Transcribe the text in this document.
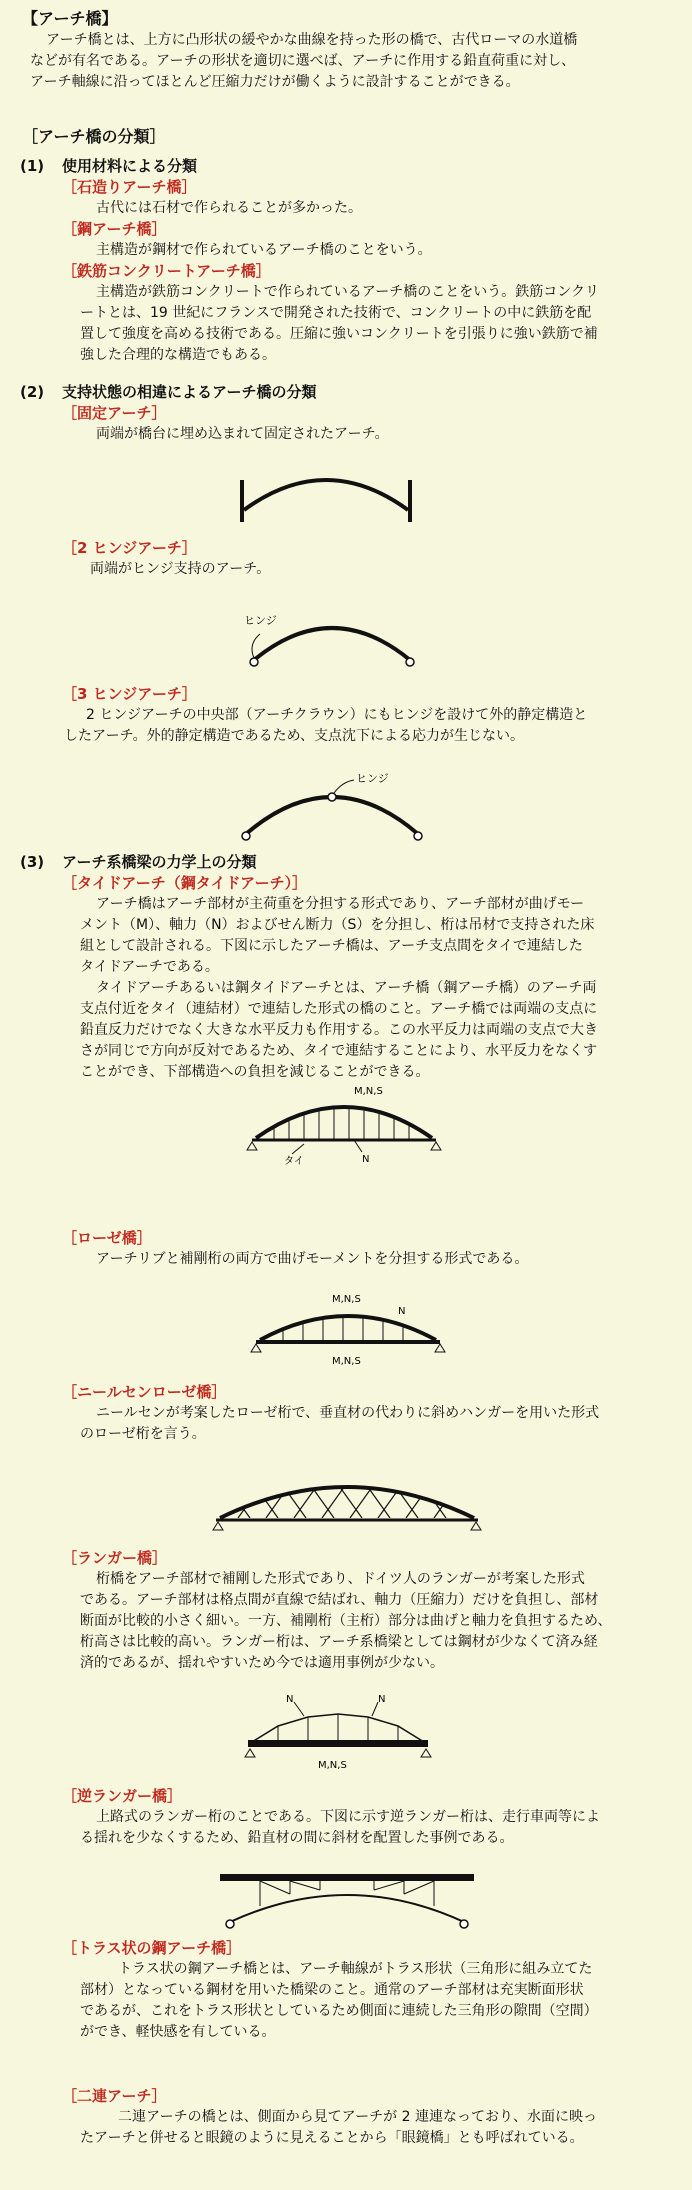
【アーチ橋】

アーチ橋とは、上方に凸形状の緩やかな曲線を持った形の橋で、古代ローマの水道橋

などが有名である。アーチの形状を適切に選べば、アーチに作用する鉛直荷重に対し、

アーチ軸線に沿ってほとんど圧縮力だけが働くように設計することができる。

［アーチ橋の分類］
(1) 使用材料による分類
［石造りアーチ橋］

古代には石材で作られることが多かった。

［鋼アーチ橋］

主構造が鋼材で作られているアーチ橋のことをいう。

［鉄筋コンクリートアーチ橋］

主構造が鉄筋コンクリートで作られているアーチ橋のことをいう。鉄筋コンクリ

ートとは、19 世紀にフランスで開発された技術で、コンクリートの中に鉄筋を配

置して強度を高める技術である。圧縮に強いコンクリートを引張りに強い鉄筋で補

強した合理的な構造でもある。

(2) 支持状態の相違によるアーチ橋の分類
［固定アーチ］

両端が橋台に埋め込まれて固定されたアーチ。

［2 ヒンジアーチ］

両端がヒンジ支持のアーチ。

ヒンジ
［3 ヒンジアーチ］

2 ヒンジアーチの中央部（アーチクラウン）にもヒンジを設けて外的静定構造と

したアーチ。外的静定構造であるため、支点沈下による応力が生じない。

ヒンジ
(3) アーチ系橋梁の力学上の分類
［タイドアーチ（鋼タイドアーチ）］

アーチ橋はアーチ部材が主荷重を分担する形式であり、アーチ部材が曲げモー

メント（M）、軸力（N）およびせん断力（S）を分担し、桁は吊材で支持された床

組として設計される。下図に示したアーチ橋は、アーチ支点間をタイで連結した

タイドアーチである。

タイドアーチあるいは鋼タイドアーチとは、アーチ橋（鋼アーチ橋）のアーチ両

支点付近をタイ（連結材）で連結した形式の橋のこと。アーチ橋では両端の支点に

鉛直反力だけでなく大きな水平反力も作用する。この水平反力は両端の支点で大き

さが同じで方向が反対であるため、タイで連結することにより、水平反力をなくす

ことができ、下部構造への負担を減じることができる。

M,N,S
タイ	N
［ローゼ橋］

アーチリブと補剛桁の両方で曲げモーメントを分担する形式である。

M,N,S
N
M,N,S
［ニールセンローゼ橋］

ニールセンが考案したローゼ桁で、垂直材の代わりに斜めハンガーを用いた形式

のローゼ桁を言う。

［ランガー橋］

桁橋をアーチ部材で補剛した形式であり、ドイツ人のランガーが考案した形式

である。アーチ部材は格点間が直線で結ばれ、軸力（圧縮力）だけを負担し、部材

断面が比較的小さく細い。一方、補剛桁（主桁）部分は曲げと軸力を負担するため、

桁高さは比較的高い。ランガー桁は、アーチ系橋梁としては鋼材が少なくて済み経

済的であるが、揺れやすいため今では適用事例が少ない。

N	N
M,N,S
［逆ランガー橋］

上路式のランガー桁のことである。下図に示す逆ランガー桁は、走行車両等によ

る揺れを少なくするため、鉛直材の間に斜材を配置した事例である。

［トラス状の鋼アーチ橋］

トラス状の鋼アーチ橋とは、アーチ軸線がトラス形状（三角形に組み立てた

部材）となっている鋼材を用いた橋梁のこと。通常のアーチ部材は充実断面形状

であるが、これをトラス形状としているため側面に連続した三角形の隙間（空間）

ができ、軽快感を有している。

［二連アーチ］

二連アーチの橋とは、側面から見てアーチが 2 連連なっており、水面に映っ

たアーチと併せると眼鏡のように見えることから「眼鏡橋」とも呼ばれている。
